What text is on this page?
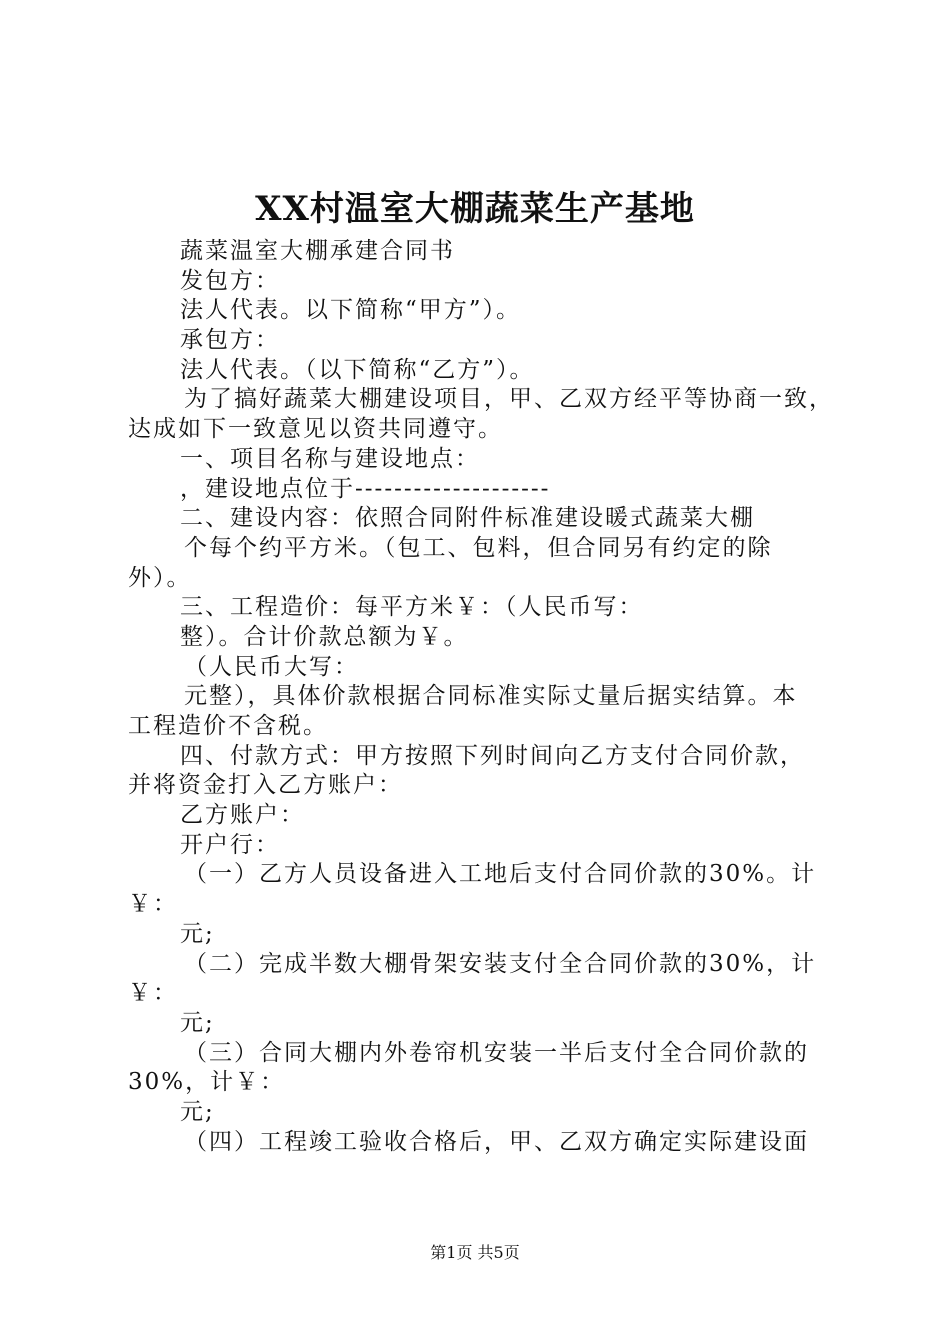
XX村温室大棚蔬菜生产基地
蔬菜温室大棚承建合同书
发包方：
法人代表。以下简称“甲方”）。
承包方：
法人代表。（以下简称“乙方”）。
为了搞好蔬菜大棚建设项目，甲、乙双方经平等协商一致，
达成如下一致意见以资共同遵守。
一、项目名称与建设地点：
，建设地点位于--------------------
二、建设内容：依照合同附件标准建设暖式蔬菜大棚
个每个约平方米。（包工、包料，但合同另有约定的除
外）。
三、工程造价：每平方米￥：（人民币写：
整）。合计价款总额为￥。
（人民币大写：
元整），具体价款根据合同标准实际丈量后据实结算。本
工程造价不含税。
四、付款方式：甲方按照下列时间向乙方支付合同价款，
并将资金打入乙方账户：
乙方账户：
开户行：
（一）乙方人员设备进入工地后支付合同价款的30%。计
￥：
元;
（二）完成半数大棚骨架安装支付全合同价款的30%，计
￥：
元;
（三）合同大棚内外卷帘机安装一半后支付全合同价款的
30%，计￥：
元;
（四）工程竣工验收合格后，甲、乙双方确定实际建设面
第1页 共5页
